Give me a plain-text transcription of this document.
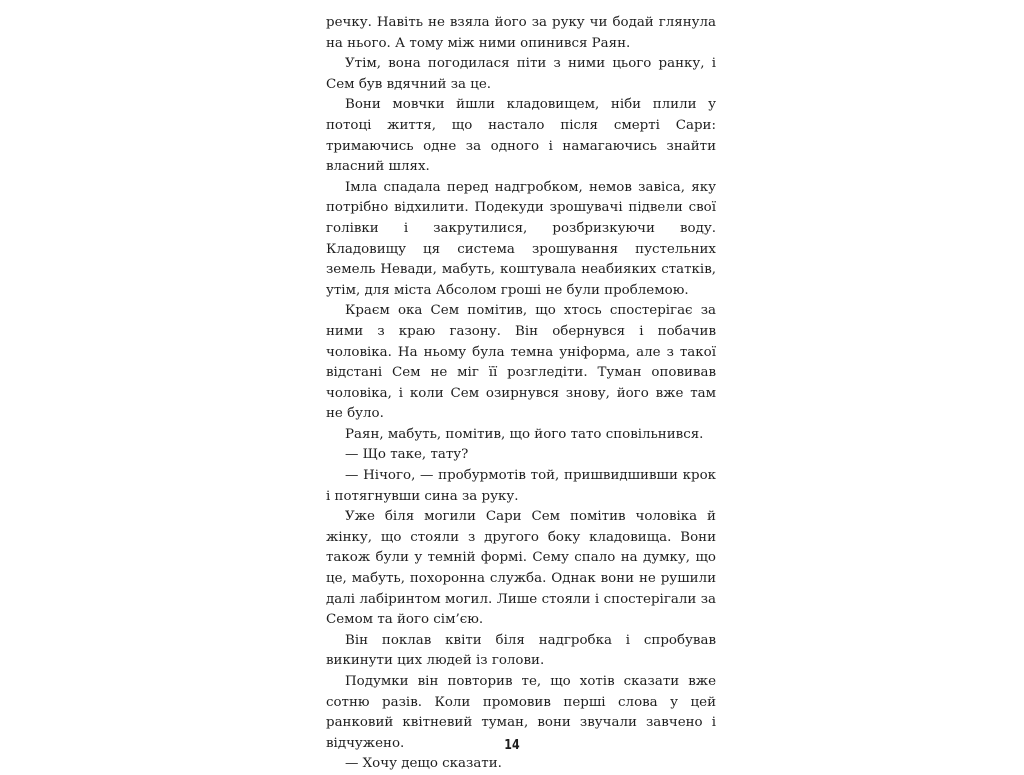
речку. Навіть не взяла його за руку чи бодай глянула на нього. А тому між ними опинився Раян.

Утім, вона погодилася піти з ними цього ранку, і Сем був вдячний за це.

Вони мовчки йшли кладовищем, ніби плили у потоці життя, що настало після смерті Сари: тримаючись одне за одного і намагаючись знайти власний шлях.

Імла спадала перед надгробком, немов завіса, яку потрібно відхилити. Подекуди зрошувачі підвели свої голівки і закрутилися, розбризкуючи воду. Кладовищу ця система зрошування пустельних земель Невади, мабуть, коштувала неабияких статків, утім, для міста Абсолом гроші не були проблемою.

Краєм ока Сем помітив, що хтось спостерігає за ними з краю газону. Він обернувся і побачив чоловіка. На ньому була темна уніформа, але з такої відстані Сем не міг її розгледіти. Туман оповивав чоловіка, і коли Сем озирнувся знову, його вже там не було.

Раян, мабуть, помітив, що його тато сповільнився.

— Що таке, тату?

— Нічого, — пробурмотів той, пришвидшивши крок і потягнувши сина за руку.

Уже біля могили Сари Сем помітив чоловіка й жінку, що стояли з другого боку кладовища. Вони також були у темній формі. Сему спало на думку, що це, мабуть, похоронна служба. Однак вони не рушили далі лабіринтом могил. Лише стояли і спостерігали за Семом та його сім’єю.

Він поклав квіти біля надгробка і спробував викинути цих людей із голови.

Подумки він повторив те, що хотів сказати вже сотню разів. Коли промовив перші слова у цей ранковий квітневий туман, вони звучали завчено і відчужено.

— Хочу дещо сказати.

14
